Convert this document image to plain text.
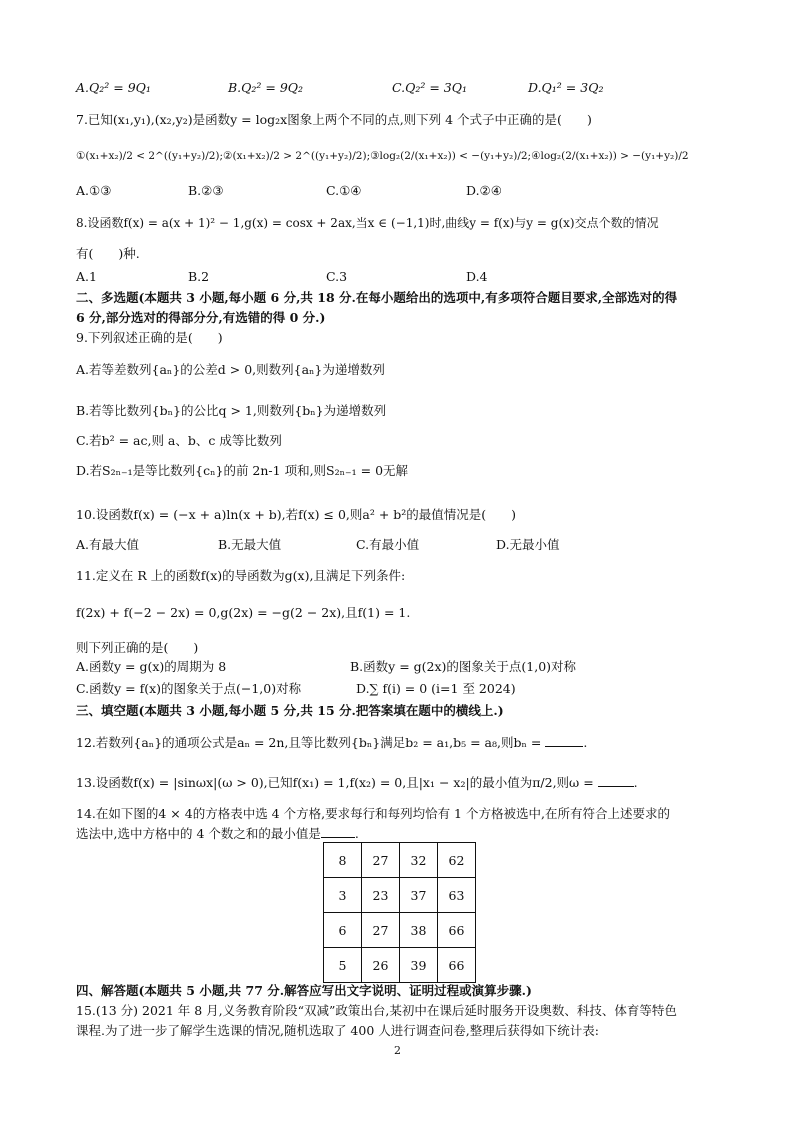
A.Q₂² = 9Q₁	B.Q₂² = 9Q₂	C.Q₂² = 3Q₁	D.Q₁² = 3Q₂
7.已知(x₁,y₁),(x₂,y₂)是函数y = log₂x图象上两个不同的点,则下列 4 个式子中正确的是(　　)
①(x₁+x₂)/2 < 2^((y₁+y₂)/2);②(x₁+x₂)/2 > 2^((y₁+y₂)/2);③log₂(2/(x₁+x₂)) < −(y₁+y₂)/2;④log₂(2/(x₁+x₂)) > −(y₁+y₂)/2
A.①③	B.②③	C.①④	D.②④
8.设函数f(x) = a(x + 1)² − 1,g(x) = cosx + 2ax,当x ∈ (−1,1)时,曲线y = f(x)与y = g(x)交点个数的情况
有(　　)种.
A.1	B.2	C.3	D.4
二、多选题(本题共 3 小题,每小题 6 分,共 18 分.在每小题给出的选项中,有多项符合题目要求,全部选对的得
6 分,部分选对的得部分分,有选错的得 0 分.)
9.下列叙述正确的是(　　)
A.若等差数列{aₙ}的公差d > 0,则数列{aₙ}为递增数列
B.若等比数列{bₙ}的公比q > 1,则数列{bₙ}为递增数列
C.若b² = ac,则 a、b、c 成等比数列
D.若S₂ₙ₋₁是等比数列{cₙ}的前 2n-1 项和,则S₂ₙ₋₁ = 0无解
10.设函数f(x) = (−x + a)ln(x + b),若f(x) ≤ 0,则a² + b²的最值情况是(　　)
A.有最大值	B.无最大值	C.有最小值	D.无最小值
11.定义在 R 上的函数f(x)的导函数为g(x),且满足下列条件:
f(2x) + f(−2 − 2x) = 0,g(2x) = −g(2 − 2x),且f(1) = 1.
则下列正确的是(　　)
A.函数y = g(x)的周期为 8	B.函数y = g(2x)的图象关于点(1,0)对称
C.函数y = f(x)的图象关于点(−1,0)对称	D.∑ f(i) = 0 (i=1 至 2024)
三、填空题(本题共 3 小题,每小题 5 分,共 15 分.把答案填在题中的横线上.)
12.若数列{aₙ}的通项公式是aₙ = 2n,且等比数列{bₙ}满足b₂ = a₁,b₅ = a₈,则bₙ =	.
13.设函数f(x) = |sinωx|(ω > 0),已知f(x₁) = 1,f(x₂) = 0,且|x₁ − x₂|的最小值为π/2,则ω =	.
14.在如下图的4 × 4的方格表中选 4 个方格,要求每行和每列均恰有 1 个方格被选中,在所有符合上述要求的
选法中,选中方格中的 4 个数之和的最小值是	.
8	27	32	62
3	23	37	63
6	27	38	66
5	26	39	66
四、解答题(本题共 5 小题,共 77 分.解答应写出文字说明、证明过程或演算步骤.)
15.(13 分) 2021 年 8 月,义务教育阶段“双减”政策出台,某初中在课后延时服务开设奥数、科技、体育等特色
课程.为了进一步了解学生选课的情况,随机选取了 400 人进行调查问卷,整理后获得如下统计表:
2
